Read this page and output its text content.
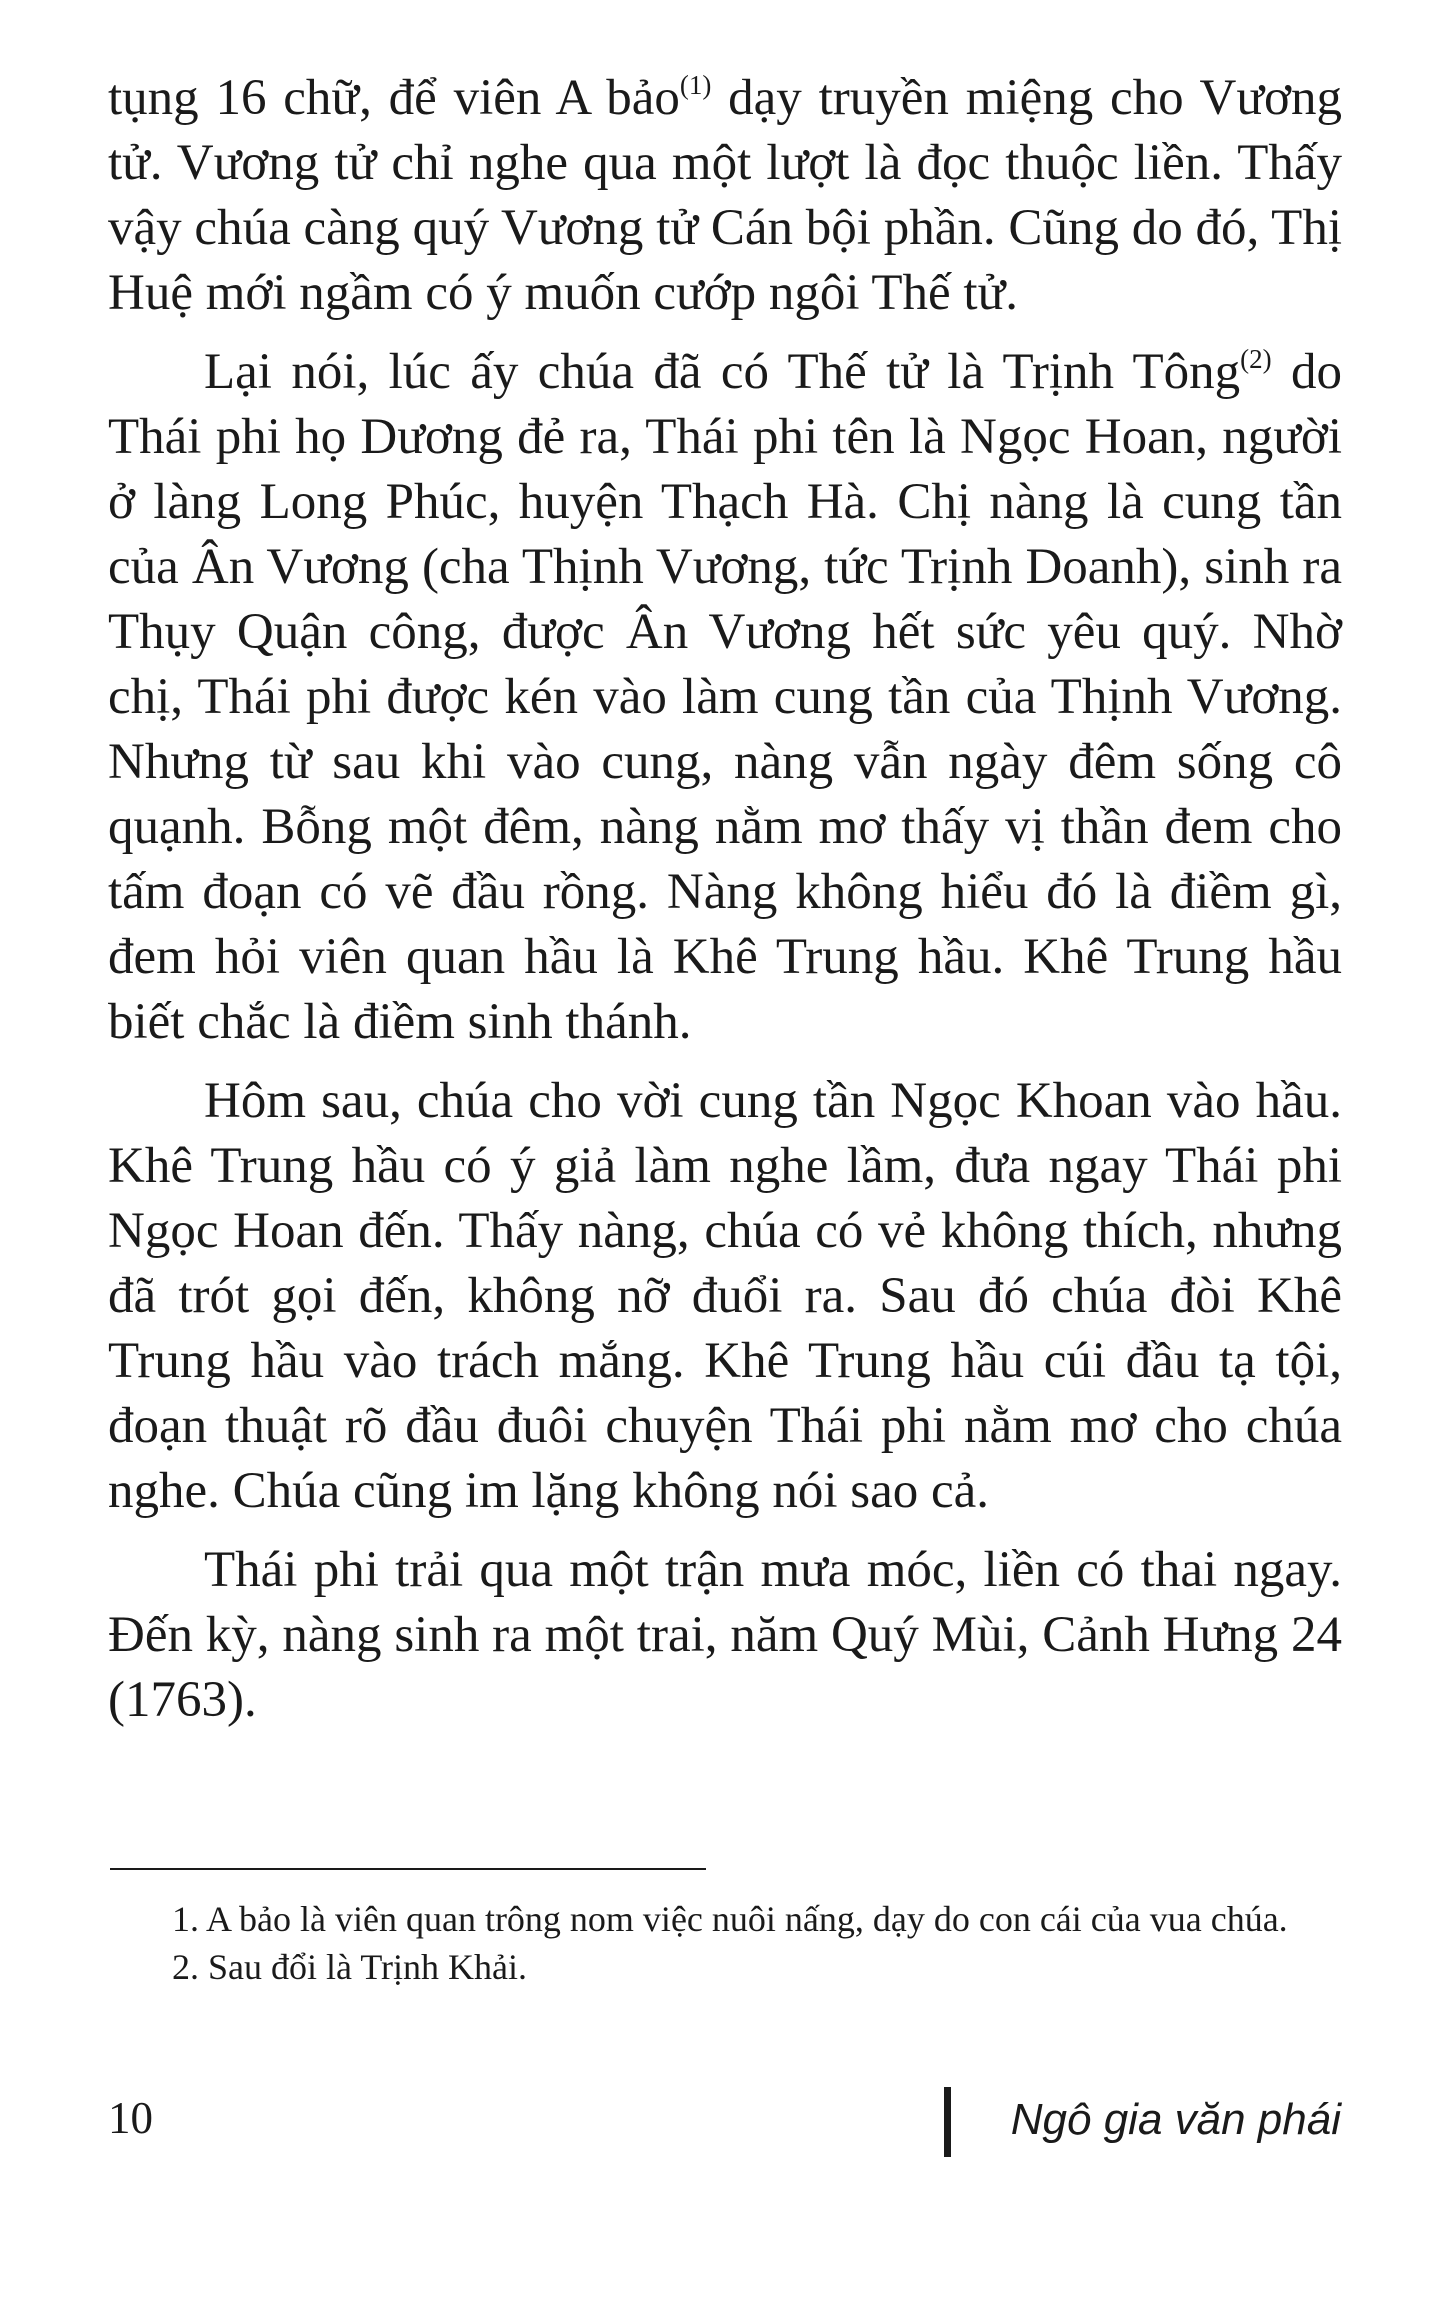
tụng 16 chữ, để viên A bảo$^{(1)}$ dạy truyền miệng cho Vương tử. Vương tử chỉ nghe qua một lượt là đọc thuộc liền. Thấy vậy chúa càng quý Vương tử Cán bội phần. Cũng do đó, Thị Huệ mới ngầm có ý muốn cướp ngôi Thế tử.

Lại nói, lúc ấy chúa đã có Thế tử là Trịnh Tông$^{(2)}$ do Thái phi họ Dương đẻ ra, Thái phi tên là Ngọc Hoan, người ở làng Long Phúc, huyện Thạch Hà. Chị nàng là cung tần của Ân Vương (cha Thịnh Vương, tức Trịnh Doanh), sinh ra Thụy Quận công, được Ân Vương hết sức yêu quý. Nhờ chị, Thái phi được kén vào làm cung tần của Thịnh Vương. Nhưng từ sau khi vào cung, nàng vẫn ngày đêm sống cô quạnh. Bỗng một đêm, nàng nằm mơ thấy vị thần đem cho tấm đoạn có vẽ đầu rồng. Nàng không hiểu đó là điềm gì, đem hỏi viên quan hầu là Khê Trung hầu. Khê Trung hầu biết chắc là điềm sinh thánh.

Hôm sau, chúa cho vời cung tần Ngọc Khoan vào hầu. Khê Trung hầu có ý giả làm nghe lầm, đưa ngay Thái phi Ngọc Hoan đến. Thấy nàng, chúa có vẻ không thích, nhưng đã trót gọi đến, không nỡ đuổi ra. Sau đó chúa đòi Khê Trung hầu vào trách mắng. Khê Trung hầu cúi đầu tạ tội, đoạn thuật rõ đầu đuôi chuyện Thái phi nằm mơ cho chúa nghe. Chúa cũng im lặng không nói sao cả.

Thái phi trải qua một trận mưa móc, liền có thai ngay. Đến kỳ, nàng sinh ra một trai, năm Quý Mùi, Cảnh Hưng 24 (1763).

1. A bảo là viên quan trông nom việc nuôi nấng, dạy do con cái của vua chúa.

2. Sau đổi là Trịnh Khải.

10	Ngô gia văn phái
